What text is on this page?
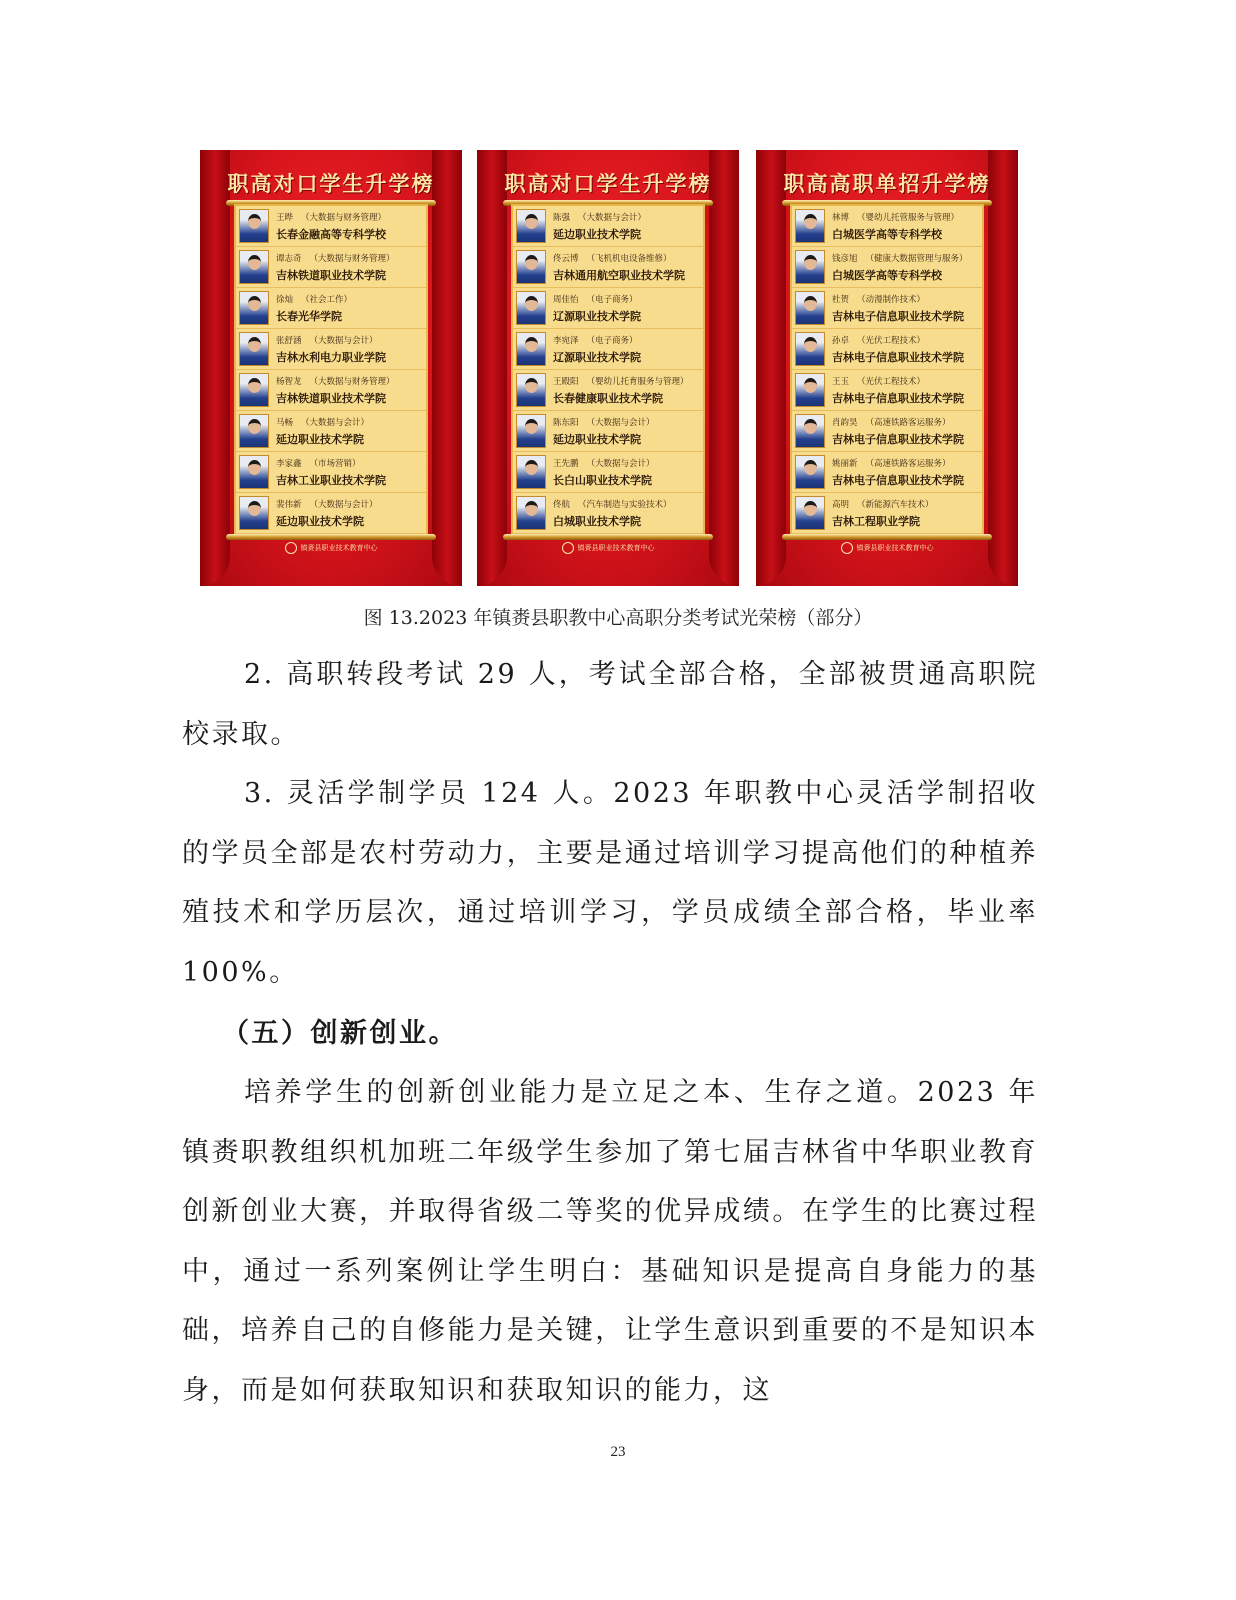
职高对口学生升学榜
王晔 （大数据与财务管理）
长春金融高等专科学校
谭志奇 （大数据与财务管理）
吉林铁道职业技术学院
徐灿 （社会工作）
长春光华学院
张舒涵 （大数据与会计）
吉林水利电力职业学院
杨智龙 （大数据与财务管理）
吉林铁道职业技术学院
马畅 （大数据与会计）
延边职业技术学院
李家鑫 （市场营销）
吉林工业职业技术学院
裴伟新 （大数据与会计）
延边职业技术学院
镇赉县职业技术教育中心
职高对口学生升学榜
陈强 （大数据与会计）
延边职业技术学院
佟云博 （飞机机电设备维修）
吉林通用航空职业技术学院
周佳怡 （电子商务）
辽源职业技术学院
李宛泽 （电子商务）
辽源职业技术学院
王殿阳 （婴幼儿托育服务与管理）
长春健康职业技术学院
陈东阳 （大数据与会计）
延边职业技术学院
王先鹏 （大数据与会计）
长白山职业技术学院
佟航 （汽车制造与实验技术）
白城职业技术学院
镇赉县职业技术教育中心
职高高职单招升学榜
林博 （婴幼儿托管服务与管理）
白城医学高等专科学校
钱彦旭 （健康大数据管理与服务）
白城医学高等专科学校
杜贺 （动漫制作技术）
吉林电子信息职业技术学院
孙卓 （光伏工程技术）
吉林电子信息职业技术学院
王玉 （光伏工程技术）
吉林电子信息职业技术学院
肖韵昊 （高速铁路客运服务）
吉林电子信息职业技术学院
姚丽新 （高速铁路客运服务）
吉林电子信息职业技术学院
高明 （新能源汽车技术）
吉林工程职业学院
镇赉县职业技术教育中心
图 13.2023 年镇赉县职教中心高职分类考试光荣榜（部分）

2. 高职转段考试 29 人，考试全部合格，全部被贯通高职院校录取。

3. 灵活学制学员 124 人。2023 年职教中心灵活学制招收的学员全部是农村劳动力，主要是通过培训学习提高他们的种植养殖技术和学历层次，通过培训学习，学员成绩全部合格，毕业率 100%。

（五）创新创业。

培养学生的创新创业能力是立足之本、生存之道。2023 年镇赉职教组织机加班二年级学生参加了第七届吉林省中华职业教育创新创业大赛，并取得省级二等奖的优异成绩。在学生的比赛过程中，通过一系列案例让学生明白：基础知识是提高自身能力的基础，培养自己的自修能力是关键，让学生意识到重要的不是知识本身，而是如何获取知识和获取知识的能力，这

23
